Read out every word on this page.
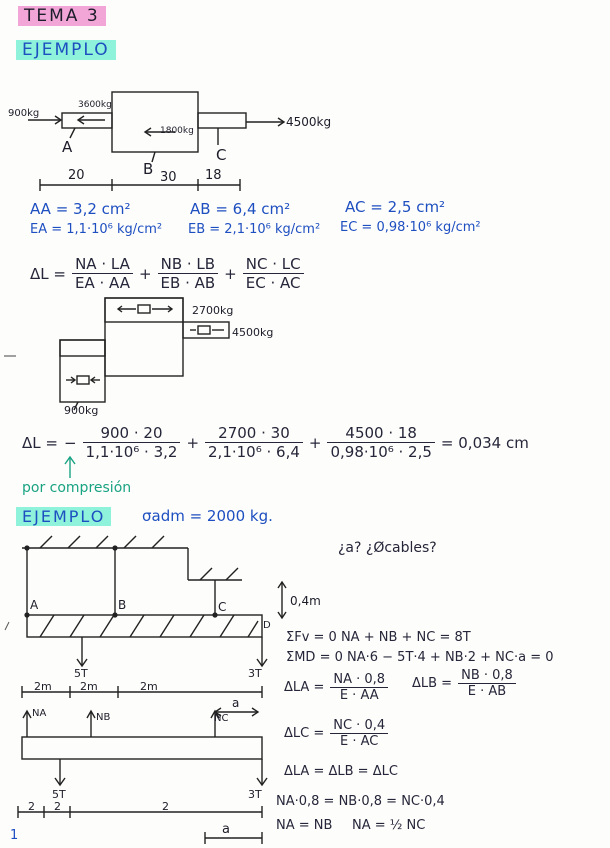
TEMA 3
EJEMPLO
900kg
3600kg
1800kg
4500kg
A
B
C
20	30 18
AA = 3,2 cm²	AB = 6,4 cm²	AC = 2,5 cm²
EA = 1,1·10⁶ kg/cm² EB = 2,1·10⁶ kg/cm² EC = 0,98·10⁶ kg/cm²
$\Delta L = \frac{NA \cdot LA}{EA \cdot AA} + \frac{NB \cdot LB}{EB \cdot AB} + \frac{NC \cdot LC}{EC \cdot AC}$
2700kg
4500kg
900kg
ΔL = − $\frac{900 \cdot 20}{\text{1,1·10⁶ · 3,2}} + \frac{2700 \cdot 30}{\text{2,1·10⁶ · 6,4}} + \frac{4500 \cdot 18}{\text{0,98·10⁶ · 2,5}} = 0,034$ cm
por compresión
EJEMPLO	σadm = 2000 kg.
¿a? ¿Øcables?
A	B	C
D
0,4m
5T	3T
2m	2m	2m
NA	NB	NC
a
5T	3T
2 2	2
a
ΣFv = 0 NA + NB + NC = 8T
ΣMD = 0 NA·6 − 5T·4 + NB·2 + NC·a = 0
$\Delta LA = \frac{NA \cdot 0,8}{E \cdot AA}$ $\Delta LB = \frac{NB \cdot 0,8}{E \cdot AB}$
$\Delta LC = \frac{NC \cdot 0,4}{E \cdot AC}$
ΔLA = ΔLB = ΔLC
NA·0,8 = NB·0,8 = NC·0,4
NA = NB NA = ½ NC
1
